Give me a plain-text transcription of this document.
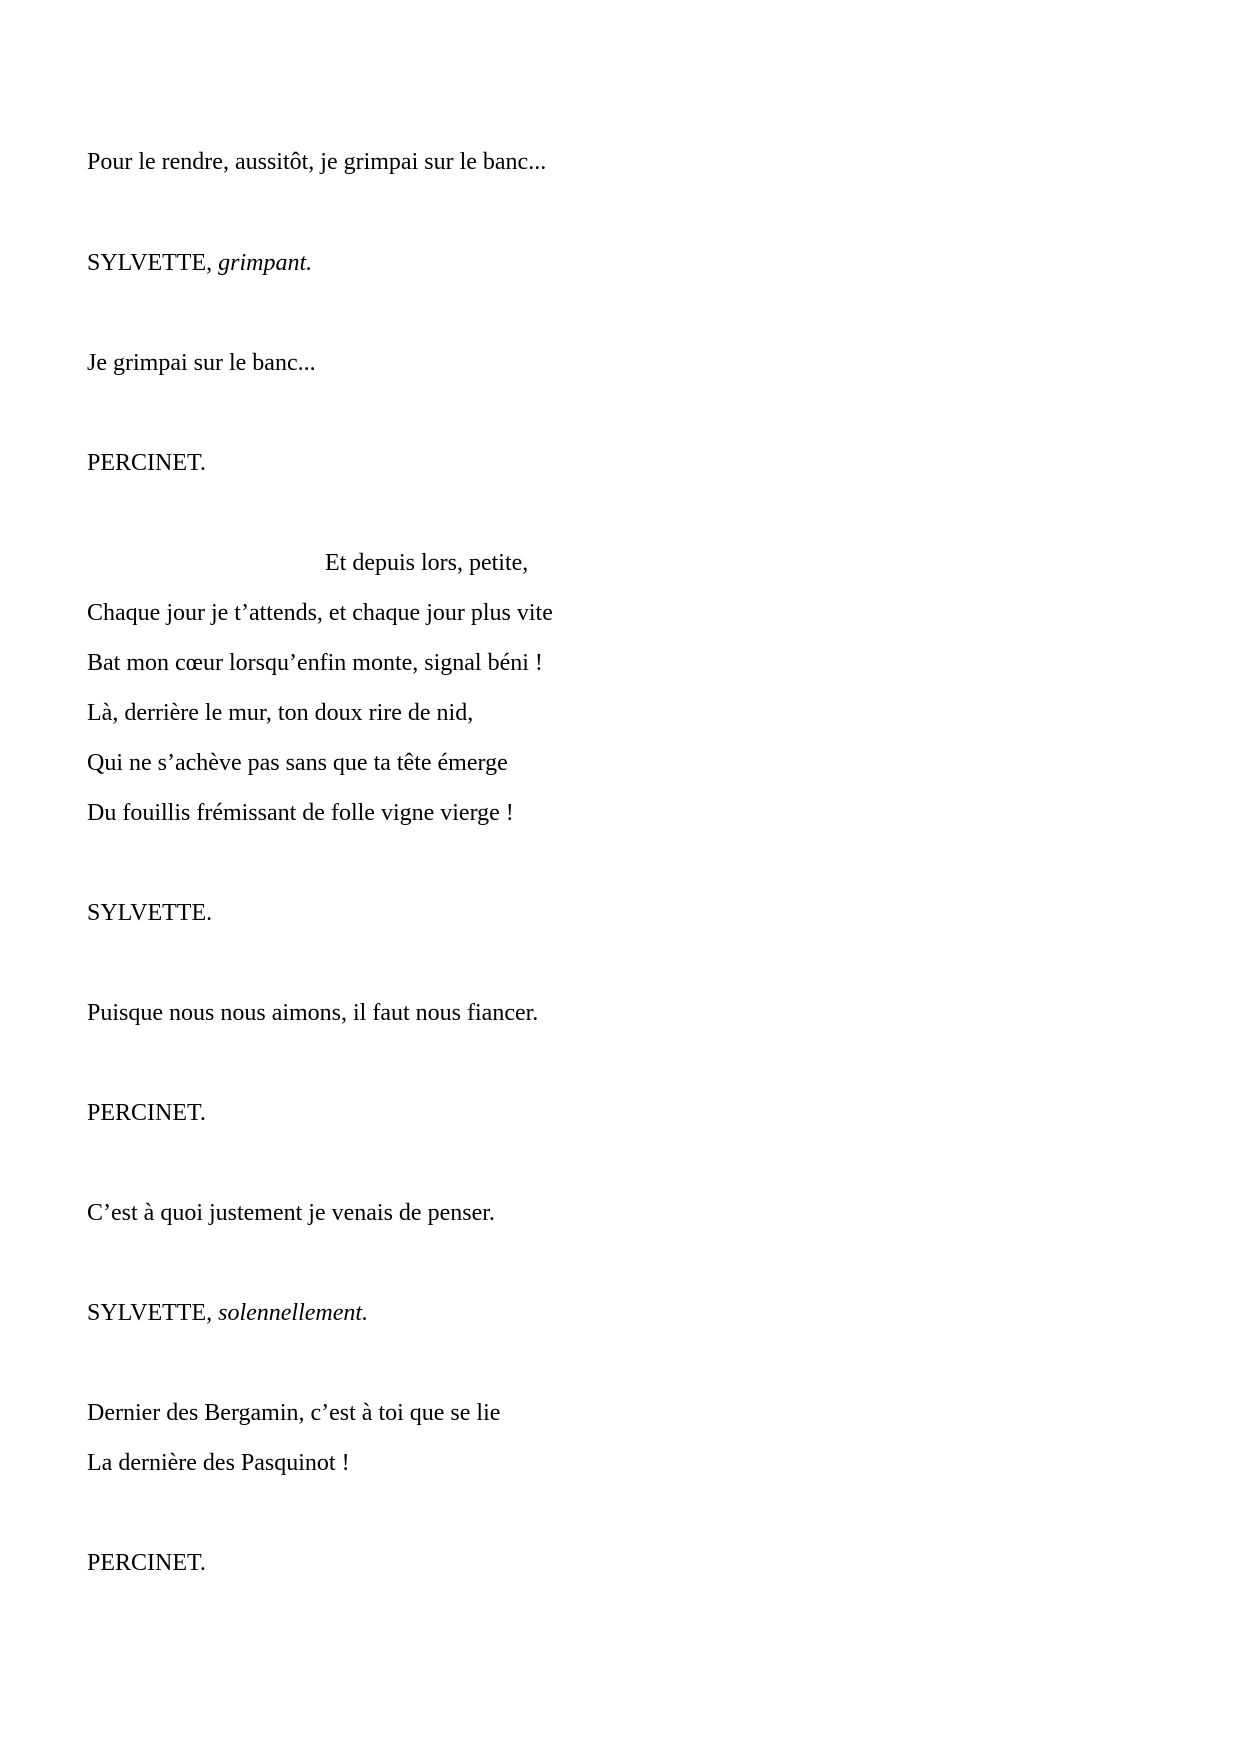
Pour le rendre, aussitôt, je grimpai sur le banc...
SYLVETTE, grimpant.
Je grimpai sur le banc...
PERCINET.
Et depuis lors, petite,
Chaque jour je t’attends, et chaque jour plus vite
Bat mon cœur lorsqu’enfin monte, signal béni !
Là, derrière le mur, ton doux rire de nid,
Qui ne s’achève pas sans que ta tête émerge
Du fouillis frémissant de folle vigne vierge !
SYLVETTE.
Puisque nous nous aimons, il faut nous fiancer.
PERCINET.
C’est à quoi justement je venais de penser.
SYLVETTE, solennellement.
Dernier des Bergamin, c’est à toi que se lie
La dernière des Pasquinot !
PERCINET.
